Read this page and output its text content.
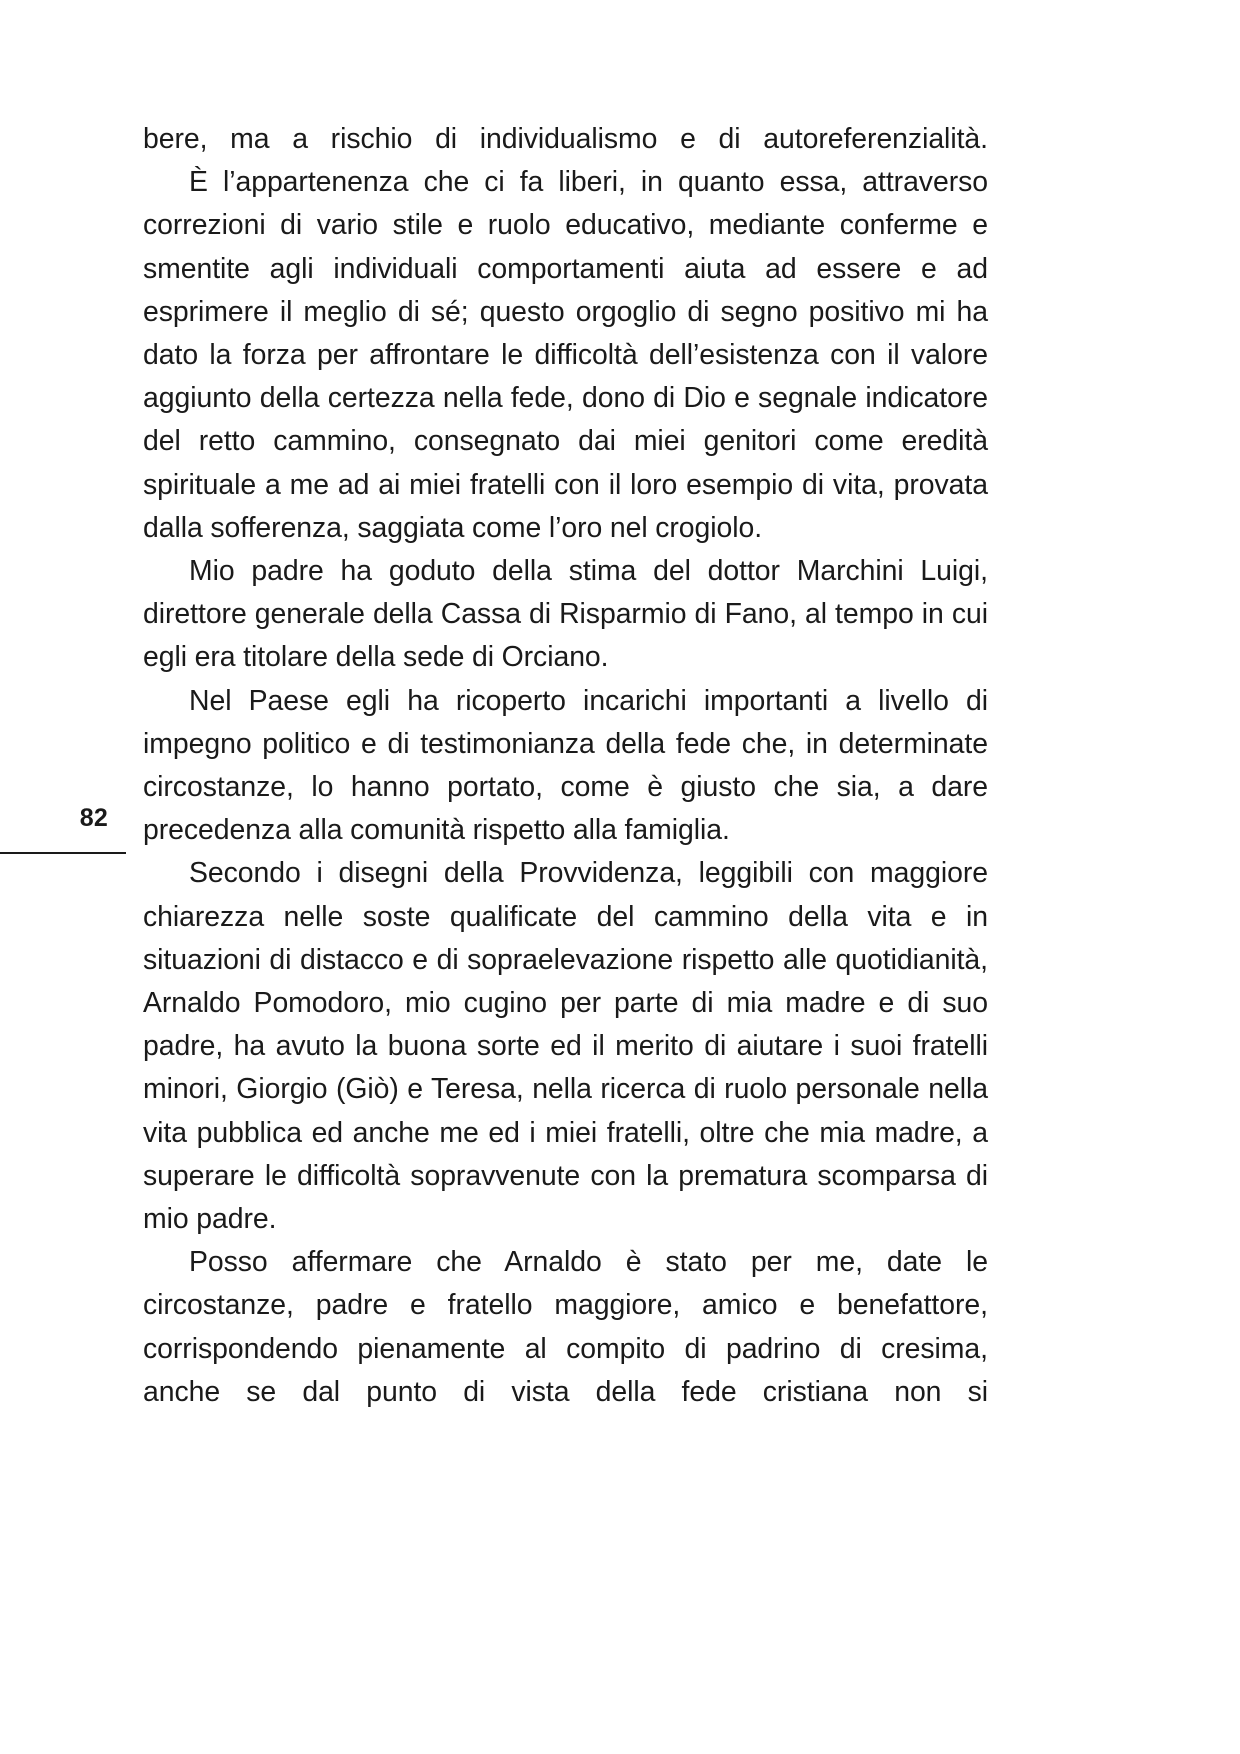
82

bere, ma a rischio di individualismo e di autoreferenzialità.

È l’appartenenza che ci fa liberi, in quanto essa, attraverso correzioni di vario stile e ruolo educativo, mediante conferme e smentite agli individuali comportamenti aiuta ad essere e ad esprimere il meglio di sé; questo orgoglio di segno positivo mi ha dato la forza per affrontare le difficoltà dell’esistenza con il valore aggiunto della certezza nella fede, dono di Dio e segnale indicatore del retto cammino, consegnato dai miei genitori come eredità spirituale a me ad ai miei fratelli con il loro esempio di vita, provata dalla sofferenza, saggiata come l’oro nel crogiolo.

Mio padre ha goduto della stima del dottor Marchini Luigi, direttore generale della Cassa di Risparmio di Fano, al tempo in cui egli era titolare della sede di Orciano.

Nel Paese egli ha ricoperto incarichi importanti a livello di impegno politico e di testimonianza della fede che, in determinate circostanze, lo hanno portato, come è giusto che sia, a dare precedenza alla comunità rispetto alla famiglia.

Secondo i disegni della Provvidenza, leggibili con maggiore chiarezza nelle soste qualificate del cammino della vita e in situazioni di distacco e di sopraelevazione rispetto alle quotidianità, Arnaldo Pomodoro, mio cugino per parte di mia madre e di suo padre, ha avuto la buona sorte ed il merito di aiutare i suoi fratelli minori, Giorgio (Giò) e Teresa, nella ricerca di ruolo personale nella vita pubblica ed anche me ed i miei fratelli, oltre che mia madre, a superare le difficoltà sopravvenute con la prematura scomparsa di mio padre.

Posso affermare che Arnaldo è stato per me, date le circostanze, padre e fratello maggiore, amico e benefattore, corrispondendo pienamente al compito di padrino di cresima, anche se dal punto di vista della fede cristiana non si
